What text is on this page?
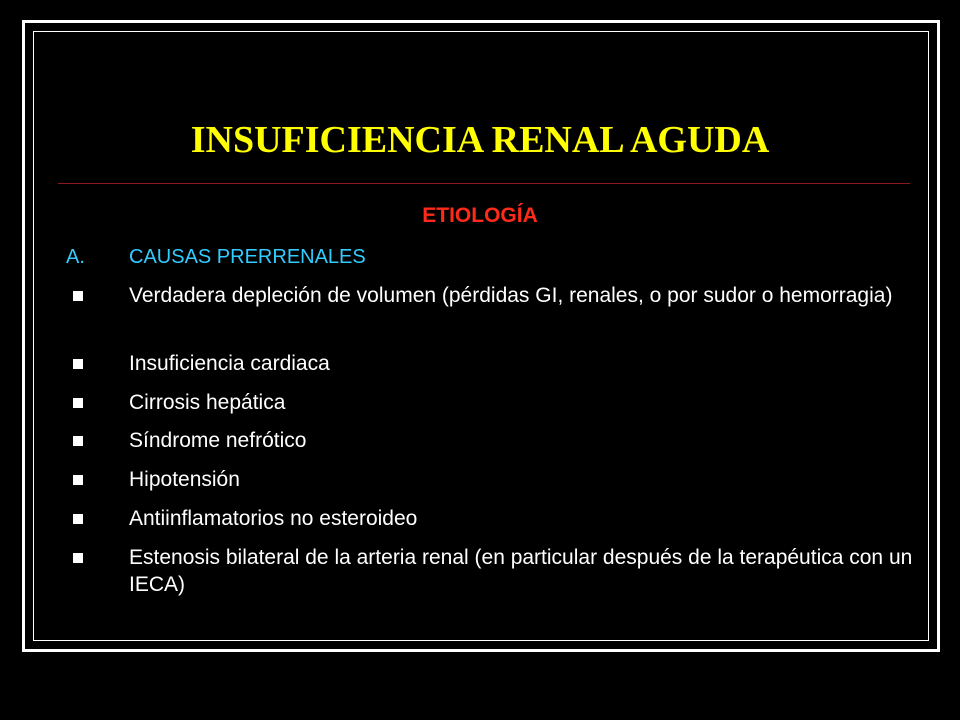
INSUFICIENCIA RENAL AGUDA
ETIOLOGÍA
A. CAUSAS PRERRENALES
Verdadera depleción de volumen (pérdidas GI, renales, o por sudor o hemorragia)
Insuficiencia cardiaca
Cirrosis hepática
Síndrome nefrótico
Hipotensión
Antiinflamatorios no esteroideo
Estenosis bilateral de la arteria renal (en particular después de la terapéutica con un IECA)
